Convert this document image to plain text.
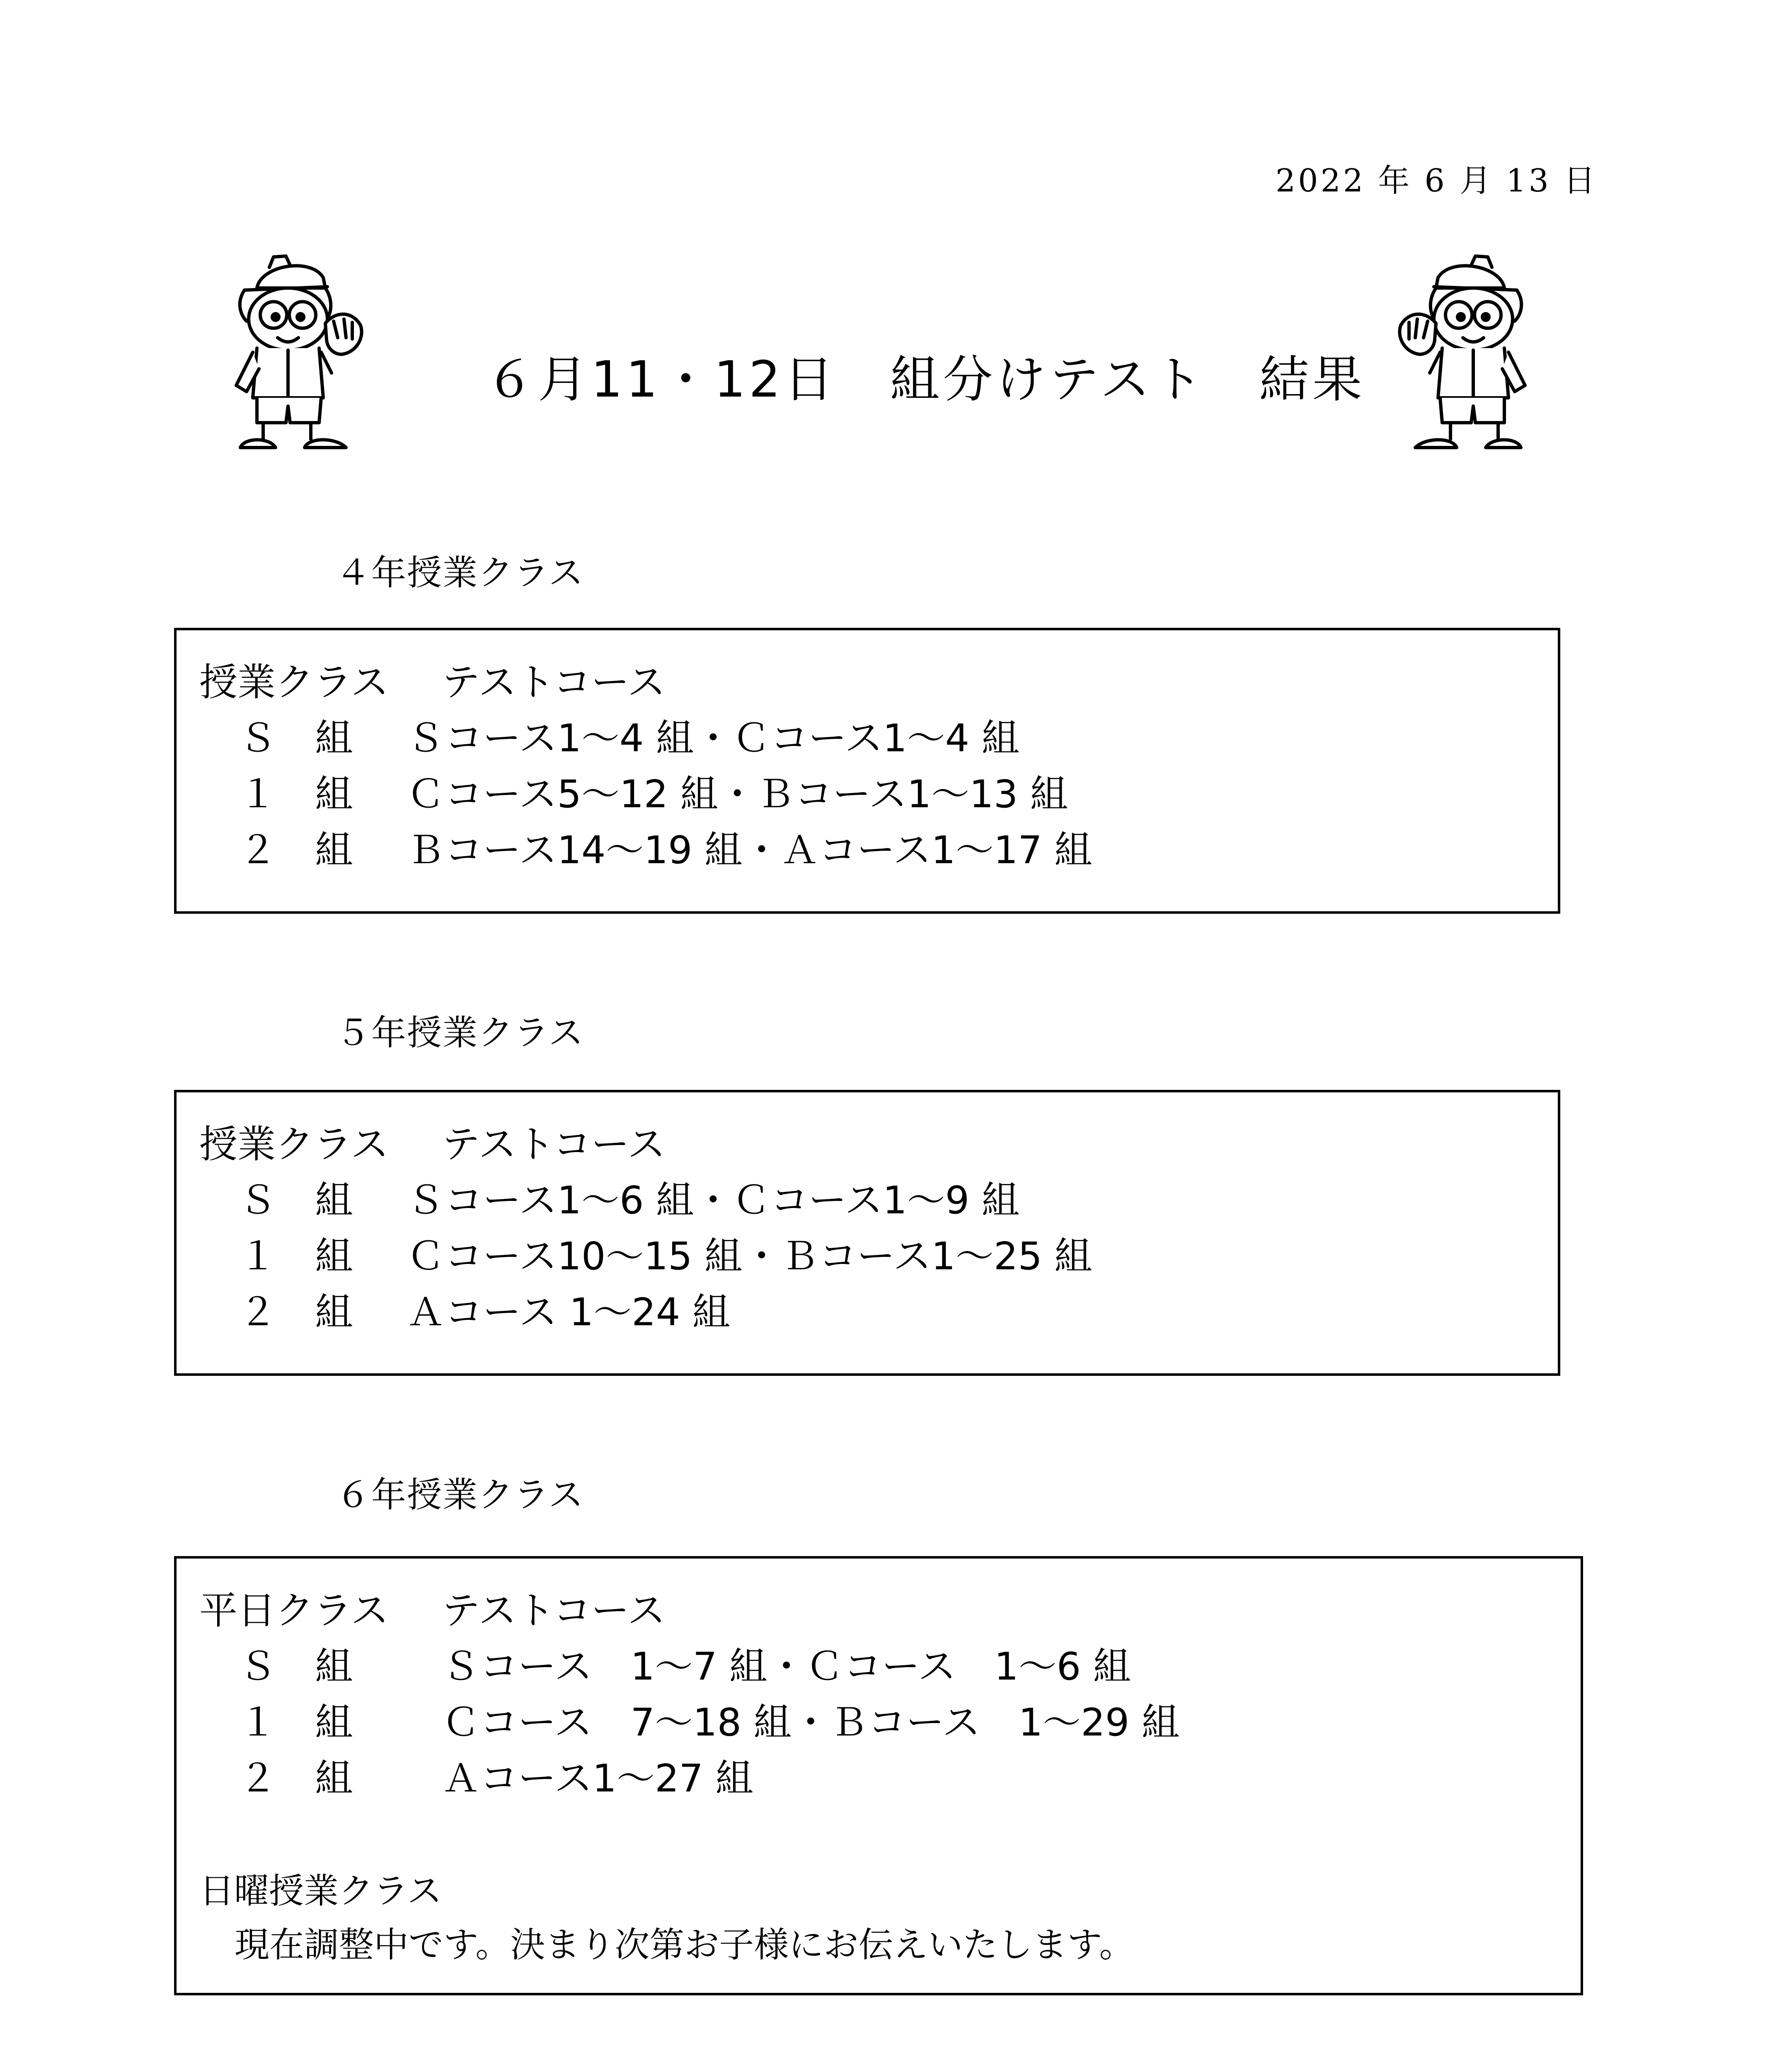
2022 年 6 月 13 日
６月11・12日　組分けテスト　結果
４年授業クラス
授業クラス テストコース
Ｓ　組 Ｓコース1～4 組・Ｃコース1～4 組
１　組 Ｃコース5～12 組・Ｂコース1～13 組
２　組 Ｂコース14～19 組・Ａコース1～17 組
５年授業クラス
授業クラス テストコース
Ｓ　組 Ｓコース1～6 組・Ｃコース1～9 組
１　組 Ｃコース10～15 組・Ｂコース1～25 組
２　組 Ａコース 1～24 組
６年授業クラス
平日クラス テストコース
Ｓ　組 Ｓコース　1～7 組・Ｃコース　1～6 組
１　組 Ｃコース　7～18 組・Ｂコース　1～29 組
２　組 Ａコース1～27 組
日曜授業クラス
現在調整中です。決まり次第お子様にお伝えいたします。
